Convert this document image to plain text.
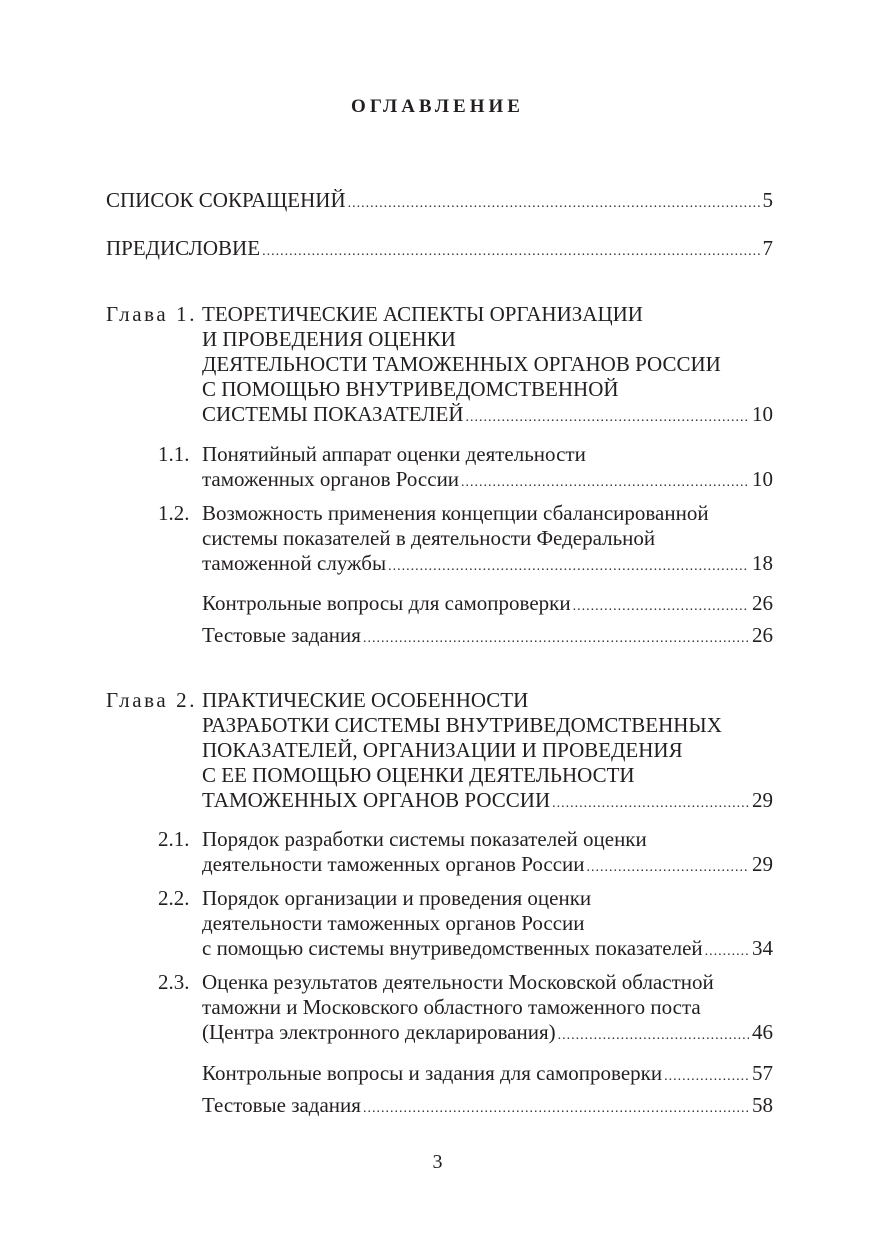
ОГЛАВЛЕНИЕ
СПИСОК СОКРАЩЕНИЙ .....	5
ПРЕДИСЛОВИЕ .....	7
Глава 1. ТЕОРЕТИЧЕСКИЕ АСПЕКТЫ ОРГАНИЗАЦИИ
И ПРОВЕДЕНИЯ ОЦЕНКИ
ДЕЯТЕЛЬНОСТИ ТАМОЖЕННЫХ ОРГАНОВ РОССИИ
С ПОМОЩЬЮ ВНУТРИВЕДОМСТВЕННОЙ
СИСТЕМЫ ПОКАЗАТЕЛЕЙ .....	10
1.1. Понятийный аппарат оценки деятельности
таможенных органов России .....	10
1.2. Возможность применения концепции сбалансированной
системы показателей в деятельности Федеральной
таможенной службы .....	18
Контрольные вопросы для самопроверки .....	26
Тестовые задания .....	26
Глава 2. ПРАКТИЧЕСКИЕ ОСОБЕННОСТИ
РАЗРАБОТКИ СИСТЕМЫ ВНУТРИВЕДОМСТВЕННЫХ
ПОКАЗАТЕЛЕЙ, ОРГАНИЗАЦИИ И ПРОВЕДЕНИЯ
С ЕЕ ПОМОЩЬЮ ОЦЕНКИ ДЕЯТЕЛЬНОСТИ
ТАМОЖЕННЫХ ОРГАНОВ РОССИИ .....	29
2.1. Порядок разработки системы показателей оценки
деятельности таможенных органов России .....	29
2.2. Порядок организации и проведения оценки
деятельности таможенных органов России
с помощью системы внутриведомственных показателей ..... 34
2.3. Оценка результатов деятельности Московской областной
таможни и Московского областного таможенного поста
(Центра электронного декларирования) .....	46
Контрольные вопросы и задания для самопроверки .....	57
Тестовые задания .....	58
3
